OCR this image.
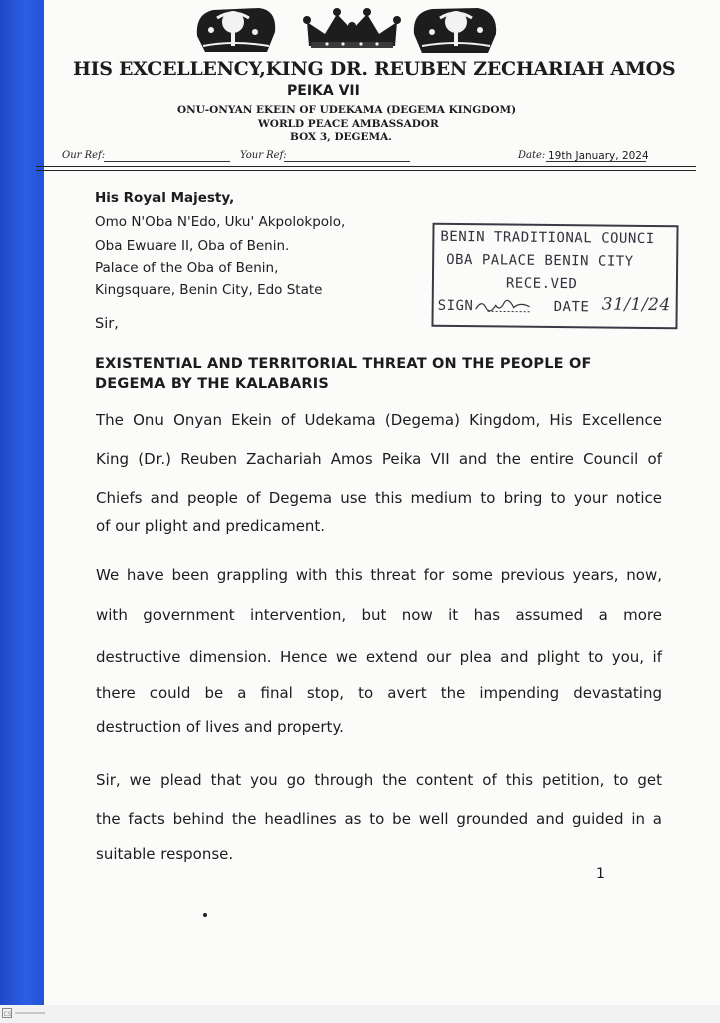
CS
HIS EXCELLENCY,KING DR. REUBEN ZECHARIAH AMOS
PEIKA VII
ONU-ONYAN EKEIN OF UDEKAMA (DEGEMA KINGDOM)
WORLD PEACE AMBASSADOR
BOX 3, DEGEMA.
Our Ref:	Your Ref:	Date: 19th January, 2024
His Royal Majesty,
Omo N'Oba N'Edo, Uku' Akpolokpolo,
Oba Ewuare II, Oba of Benin.
Palace of the Oba of Benin,
Kingsquare, Benin City, Edo State
BENIN TRADITIONAL COUNCI
OBA PALACE BENIN CITY
RECE.VED
SIGN	DATE 31/1/24
Sir,
EXISTENTIAL AND TERRITORIAL THREAT ON THE PEOPLE OF
DEGEMA BY THE KALABARIS
The Onu Onyan Ekein of Udekama (Degema) Kingdom, His Excellence
King (Dr.) Reuben Zachariah Amos Peika VII and the entire Council of
Chiefs and people of Degema use this medium to bring to your notice
of our plight and predicament.
We have been grappling with this threat for some previous years, now,
with government intervention, but now it has assumed a more
destructive dimension. Hence we extend our plea and plight to you, if
there could be a final stop, to avert the impending devastating
destruction of lives and property.
Sir, we plead that you go through the content of this petition, to get
the facts behind the headlines as to be well grounded and guided in a
suitable response.
1
